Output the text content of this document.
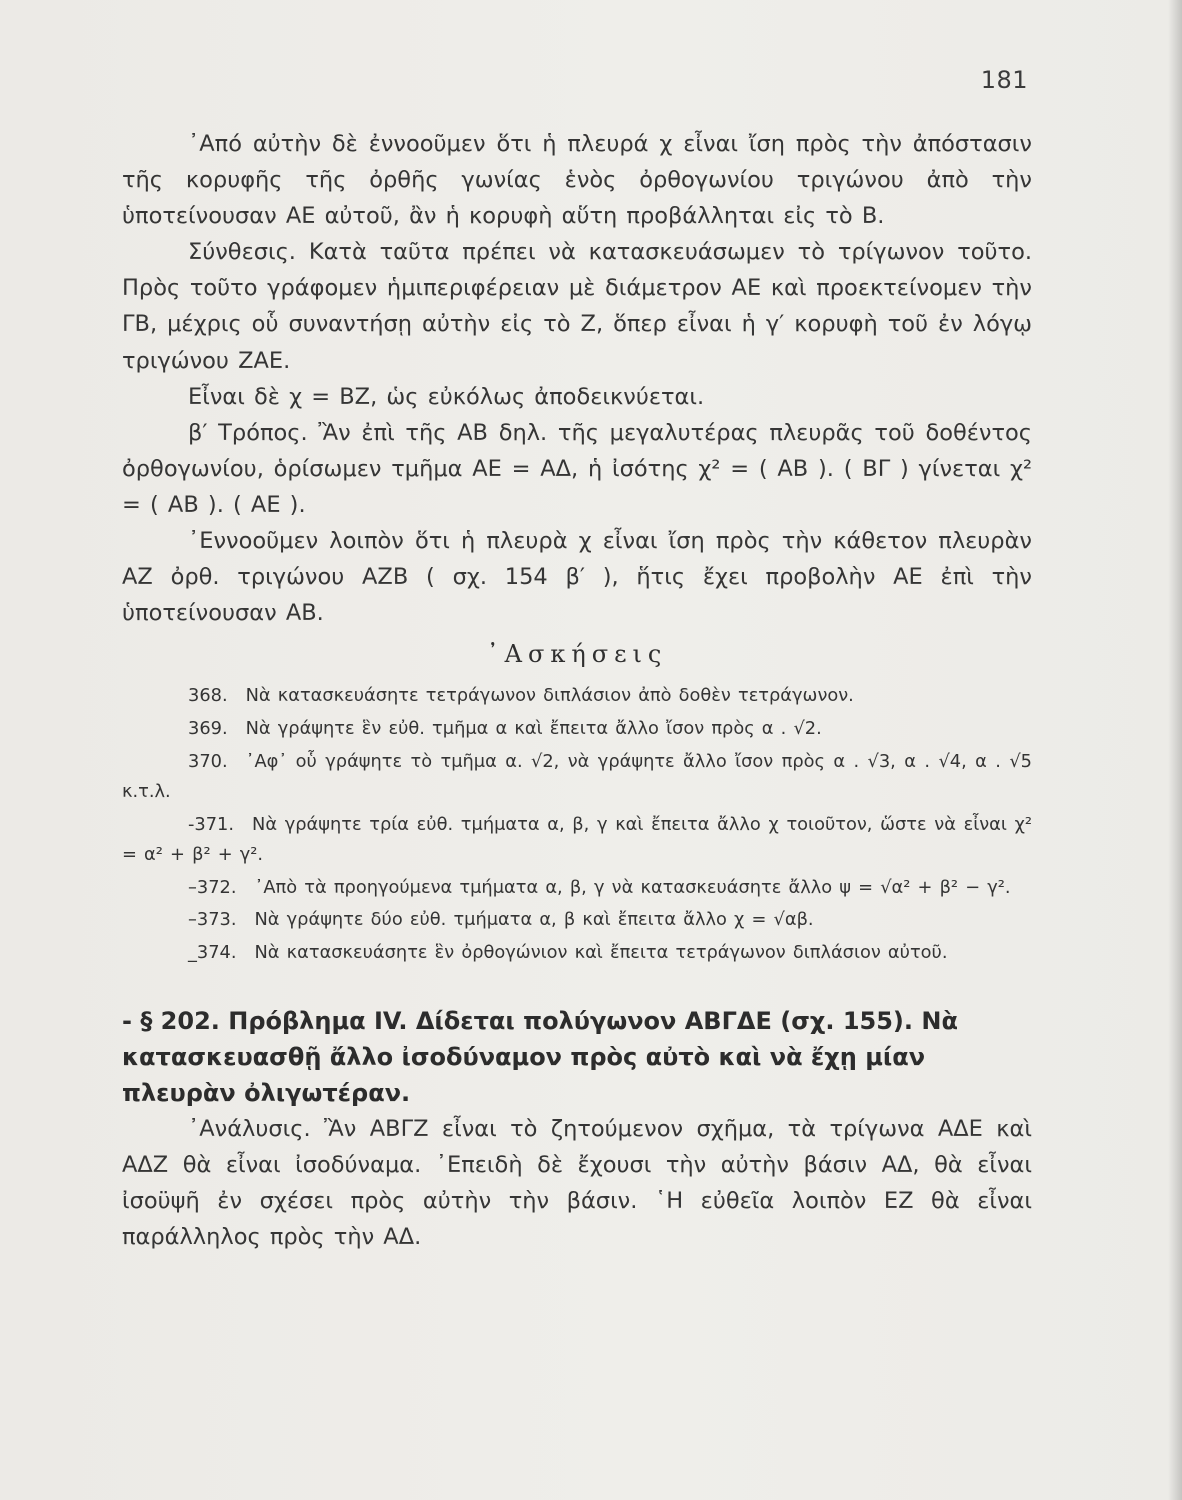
181

᾿Από αὐτὴν δὲ ἐννοοῦμεν ὅτι ἡ πλευρά χ εἶναι ἴση πρὸς τὴν ἀπόστασιν τῆς κορυφῆς τῆς ὀρθῆς γωνίας ἑνὸς ὀρθογωνίου τριγώνου ἀπὸ τὴν ὑποτείνουσαν ΑΕ αὐτοῦ, ἂν ἡ κορυφὴ αὕτη προβάλληται εἰς τὸ Β.

Σύνθεσις. Κατὰ ταῦτα πρέπει νὰ κατασκευάσωμεν τὸ τρίγωνον τοῦτο. Πρὸς τοῦτο γράφομεν ἡμιπεριφέρειαν μὲ διάμετρον ΑΕ καὶ προεκτείνομεν τὴν ΓΒ, μέχρις οὗ συναντήσῃ αὐτὴν εἰς τὸ Ζ, ὅπερ εἶναι ἡ γ′ κορυφὴ τοῦ ἐν λόγῳ τριγώνου ΖΑΕ.

Εἶναι δὲ χ = ΒΖ, ὡς εὐκόλως ἀποδεικνύεται.

β′ Τρόπος. Ἂν ἐπὶ τῆς ΑΒ δηλ. τῆς μεγαλυτέρας πλευρᾶς τοῦ δοθέντος ὀρθογωνίου, ὁρίσωμεν τμῆμα ΑΕ = ΑΔ, ἡ ἰσότης χ² = ( ΑΒ ). ( ΒΓ ) γίνεται χ² = ( ΑΒ ). ( ΑΕ ).

᾿Εννοοῦμεν λοιπὸν ὅτι ἡ πλευρὰ χ εἶναι ἴση πρὸς τὴν κάθετον πλευρὰν ΑΖ ὀρθ. τριγώνου ΑΖΒ ( σχ. 154 β′ ), ἥτις ἔχει προβολὴν ΑΕ ἐπὶ τὴν ὑποτείνουσαν ΑΒ.

᾿Ασκήσεις
368. Νὰ κατασκευάσητε τετράγωνον διπλάσιον ἀπὸ δοθὲν τετράγωνον.
369. Νὰ γράψητε ἓν εὐθ. τμῆμα α καὶ ἔπειτα ἄλλο ἴσον πρὸς α . √2.
370. ᾿Αφ᾿ οὗ γράψητε τὸ τμῆμα α. √2, νὰ γράψητε ἄλλο ἴσον πρὸς α . √3, α . √4, α . √5 κ.τ.λ.
-371. Νὰ γράψητε τρία εὐθ. τμήματα α, β, γ καὶ ἔπειτα ἄλλο χ τοιοῦτον, ὥστε νὰ εἶναι χ² = α² + β² + γ².
–372. ᾿Απὸ τὰ προηγούμενα τμήματα α, β, γ νὰ κατασκευάσητε ἄλλο ψ = √α² + β² − γ².
–373. Νὰ γράψητε δύο εὐθ. τμήματα α, β καὶ ἔπειτα ἄλλο χ = √αβ.
_374. Νὰ κατασκευάσητε ἓν ὀρθογώνιον καὶ ἔπειτα τετράγωνον διπλάσιον αὐτοῦ.
- § 202. Πρόβλημα IV. Δίδεται πολύγωνον ΑΒΓΔΕ (σχ. 155). Νὰ κατασκευασθῇ ἄλλο ἰσοδύναμον πρὸς αὐτὸ καὶ νὰ ἔχῃ μίαν πλευρὰν ὀλιγωτέραν.

᾿Ανάλυσις. Ἂν ΑΒΓΖ εἶναι τὸ ζητούμενον σχῆμα, τὰ τρίγωνα ΑΔΕ καὶ ΑΔΖ θὰ εἶναι ἰσοδύναμα. ᾿Επειδὴ δὲ ἔχουσι τὴν αὐτὴν βάσιν ΑΔ, θὰ εἶναι ἰσοϋψῆ ἐν σχέσει πρὸς αὐτὴν τὴν βάσιν. ῾Η εὐθεῖα λοιπὸν ΕΖ θὰ εἶναι παράλληλος πρὸς τὴν ΑΔ.
